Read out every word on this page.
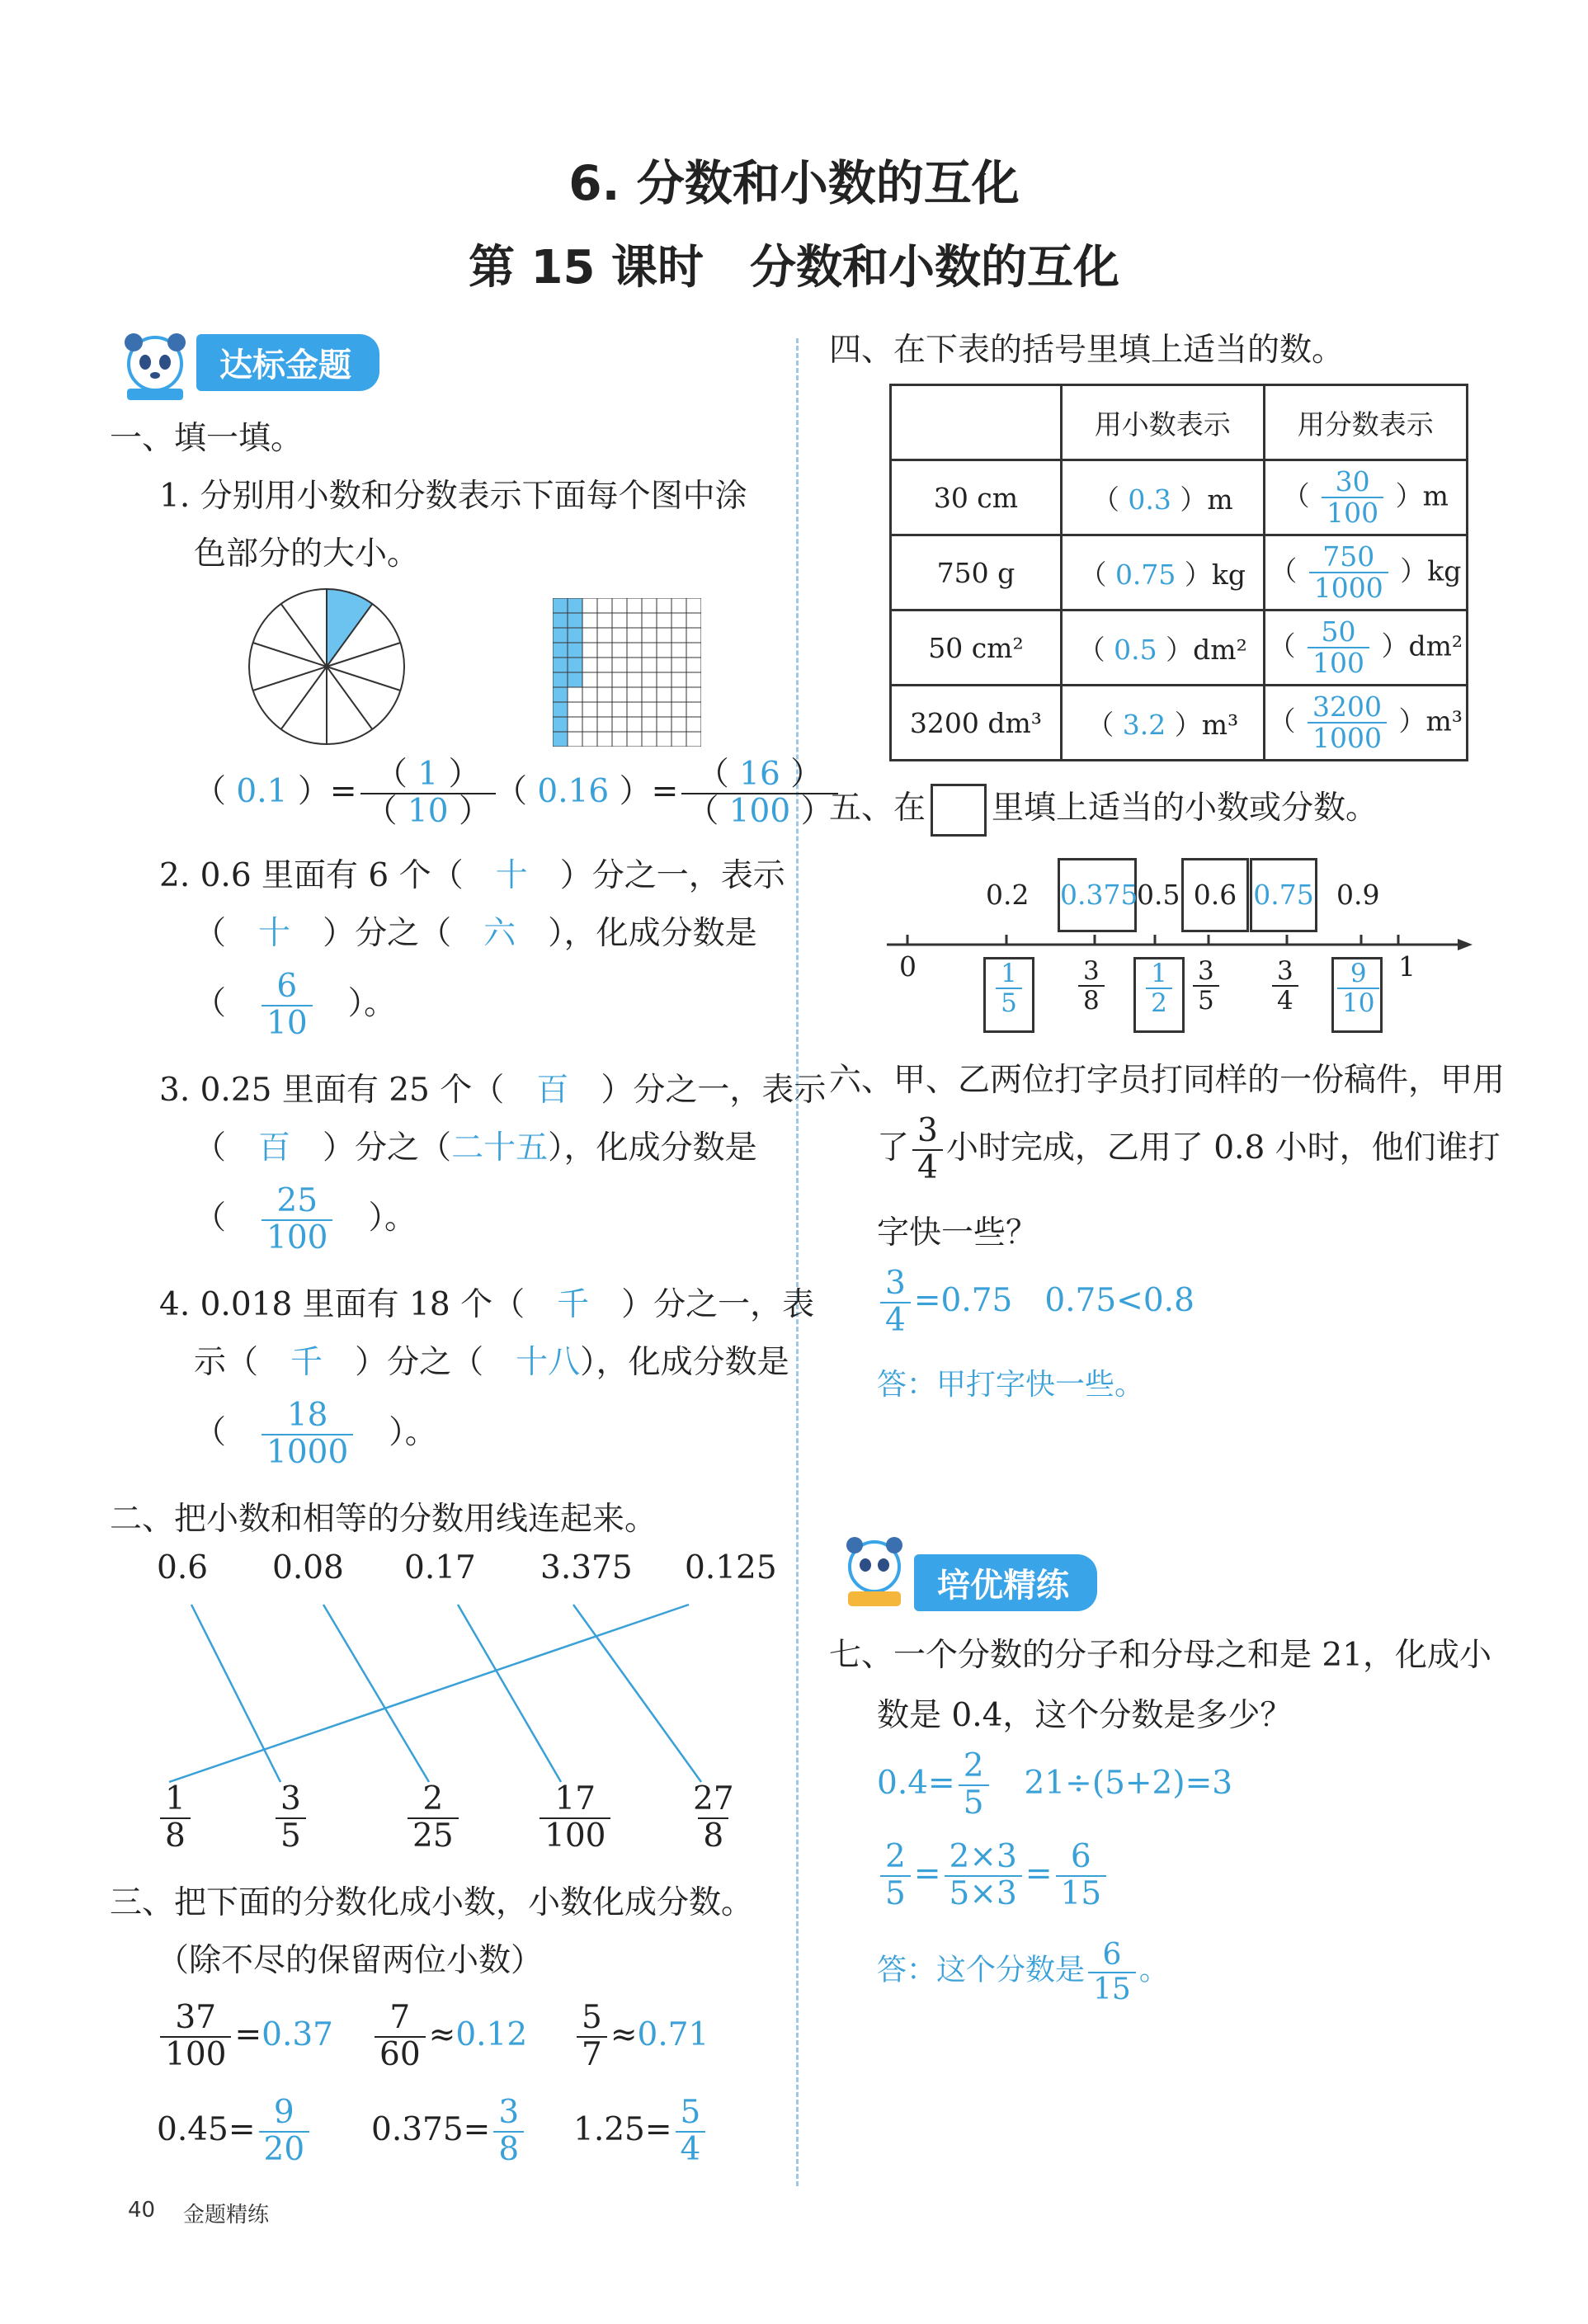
6. 分数和小数的互化
第 15 课时　分数和小数的互化
达标金题
一、填一填。
1. 分别用小数和分数表示下面每个图中涂
色部分的大小。
（ 0.1 ）= $\frac{( 1 )}{( 10 )}$ （ 0.16 ）= $\frac{( 16 )}{( 100 )}$
2. 0.6 里面有 6 个（　 十　 ）分之一，表示
（　 十　 ）分之（　 六　 ），化成分数是
（　 $\frac{6}{10}$
　 ）。
3. 0.25 里面有 25 个（　 百　 ）分之一，表示
（　百　 ）分之（二十五），化成分数是
（　 $\frac{25}{100}$
　 ）。
4. 0.018 里面有 18 个（　 千　 ）分之一，表
示（　 千　 ）分之（　 十八），化成分数是
（　 $\frac{18}{1000}$
　 ）。
二、把小数和相等的分数用线连起来。
0.6 0.08 0.17 3.375 0.125
$\frac{1}{8}$	$\frac{3}{5}$	$\frac{2}{25}$	$\frac{17}{100} \frac{27}{8}$
三、把下面的分数化成小数，小数化成分数。
（除不尽的保留两位小数）
$\frac{37}{100} =0.37 \frac{7}{60} \approx 0.12 \frac{5}{7} \approx 0.71$
$0.45= \frac{9}{20} 0.375= \frac{3}{8} 1.25= \frac{5}{4}$
40 金题精练
四、在下表的括号里填上适当的数。
	用小数表示	用分数表示
30 cm	（ 0.3 ）m	（ $\frac{30}{100} )m$
750 g	（ 0.75 ）kg	（ $\frac{750}{1000} )kg$
50 cm²	（ 0.5 ）dm²	（ $\frac{50}{100} )dm^2$
3200 dm³	（ 3.2 ）m³	（ $\frac{3200}{1000} )m^3$
五、在 里填上适当的小数或分数。
0.2 0.375
0.5 0.6 0.75 0.9
0	1
$\frac{1}{5} \frac{3}{8} \frac{1}{2} \frac{3}{5} \frac{3}{4} \frac{9}{10}$
六、甲、乙两位打字员打同样的一份稿件，甲用
了 $\frac{3}{4}$ 小时完成，乙用了 0.8 小时，他们谁打
字快一些？
$\frac{3}{4} =0.75$　0.75<0.8
答：甲打字快一些。
培优精练
七、一个分数的分子和分母之和是 21，化成小
数是 0.4，这个分数是多少？
$0.4= \frac{2}{5}$
　 21÷(5+2)=3
$\frac{2}{5} = \frac{2\times 3}{5\times 3} = \frac{6}{15}$
答：这个分数是 $\frac{6}{15}$ 。
